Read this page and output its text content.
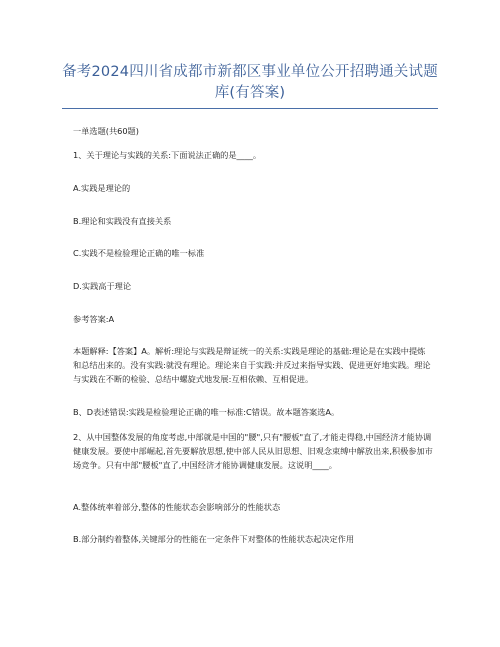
备考2024四川省成都市新都区事业单位公开招聘通关试题
库(有答案)
一单选题(共60题)
1、关于理论与实践的关系:下面说法正确的是____。
A.实践是理论的
B.理论和实践没有直接关系
C.实践不是检验理论正确的唯一标准
D.实践高于理论
参考答案:A
本题解释:【答案】A。解析:理论与实践是辩证统一的关系:实践是理论的基础:理论是在实践中提炼和总结出来的。没有实践:就没有理论。理论来自于实践:并反过来指导实践、促进更好地实践。理论与实践在不断的检验、总结中螺旋式地发展:互相依赖、互相促进。
B、D表述错误:实践是检验理论正确的唯一标准:C错误。故本题答案选A。
2、从中国整体发展的角度考虑,中部就是中国的"腰",只有"腰板"直了,才能走得稳,中国经济才能协调健康发展。要使中部崛起,首先要解放思想,使中部人民从旧思想、旧观念束缚中解放出来,积极参加市场竞争。只有中部"腰板"直了,中国经济才能协调健康发展。这说明____。
A.整体统率着部分,整体的性能状态会影响部分的性能状态
B.部分制约着整体,关键部分的性能在一定条件下对整体的性能状态起决定作用
